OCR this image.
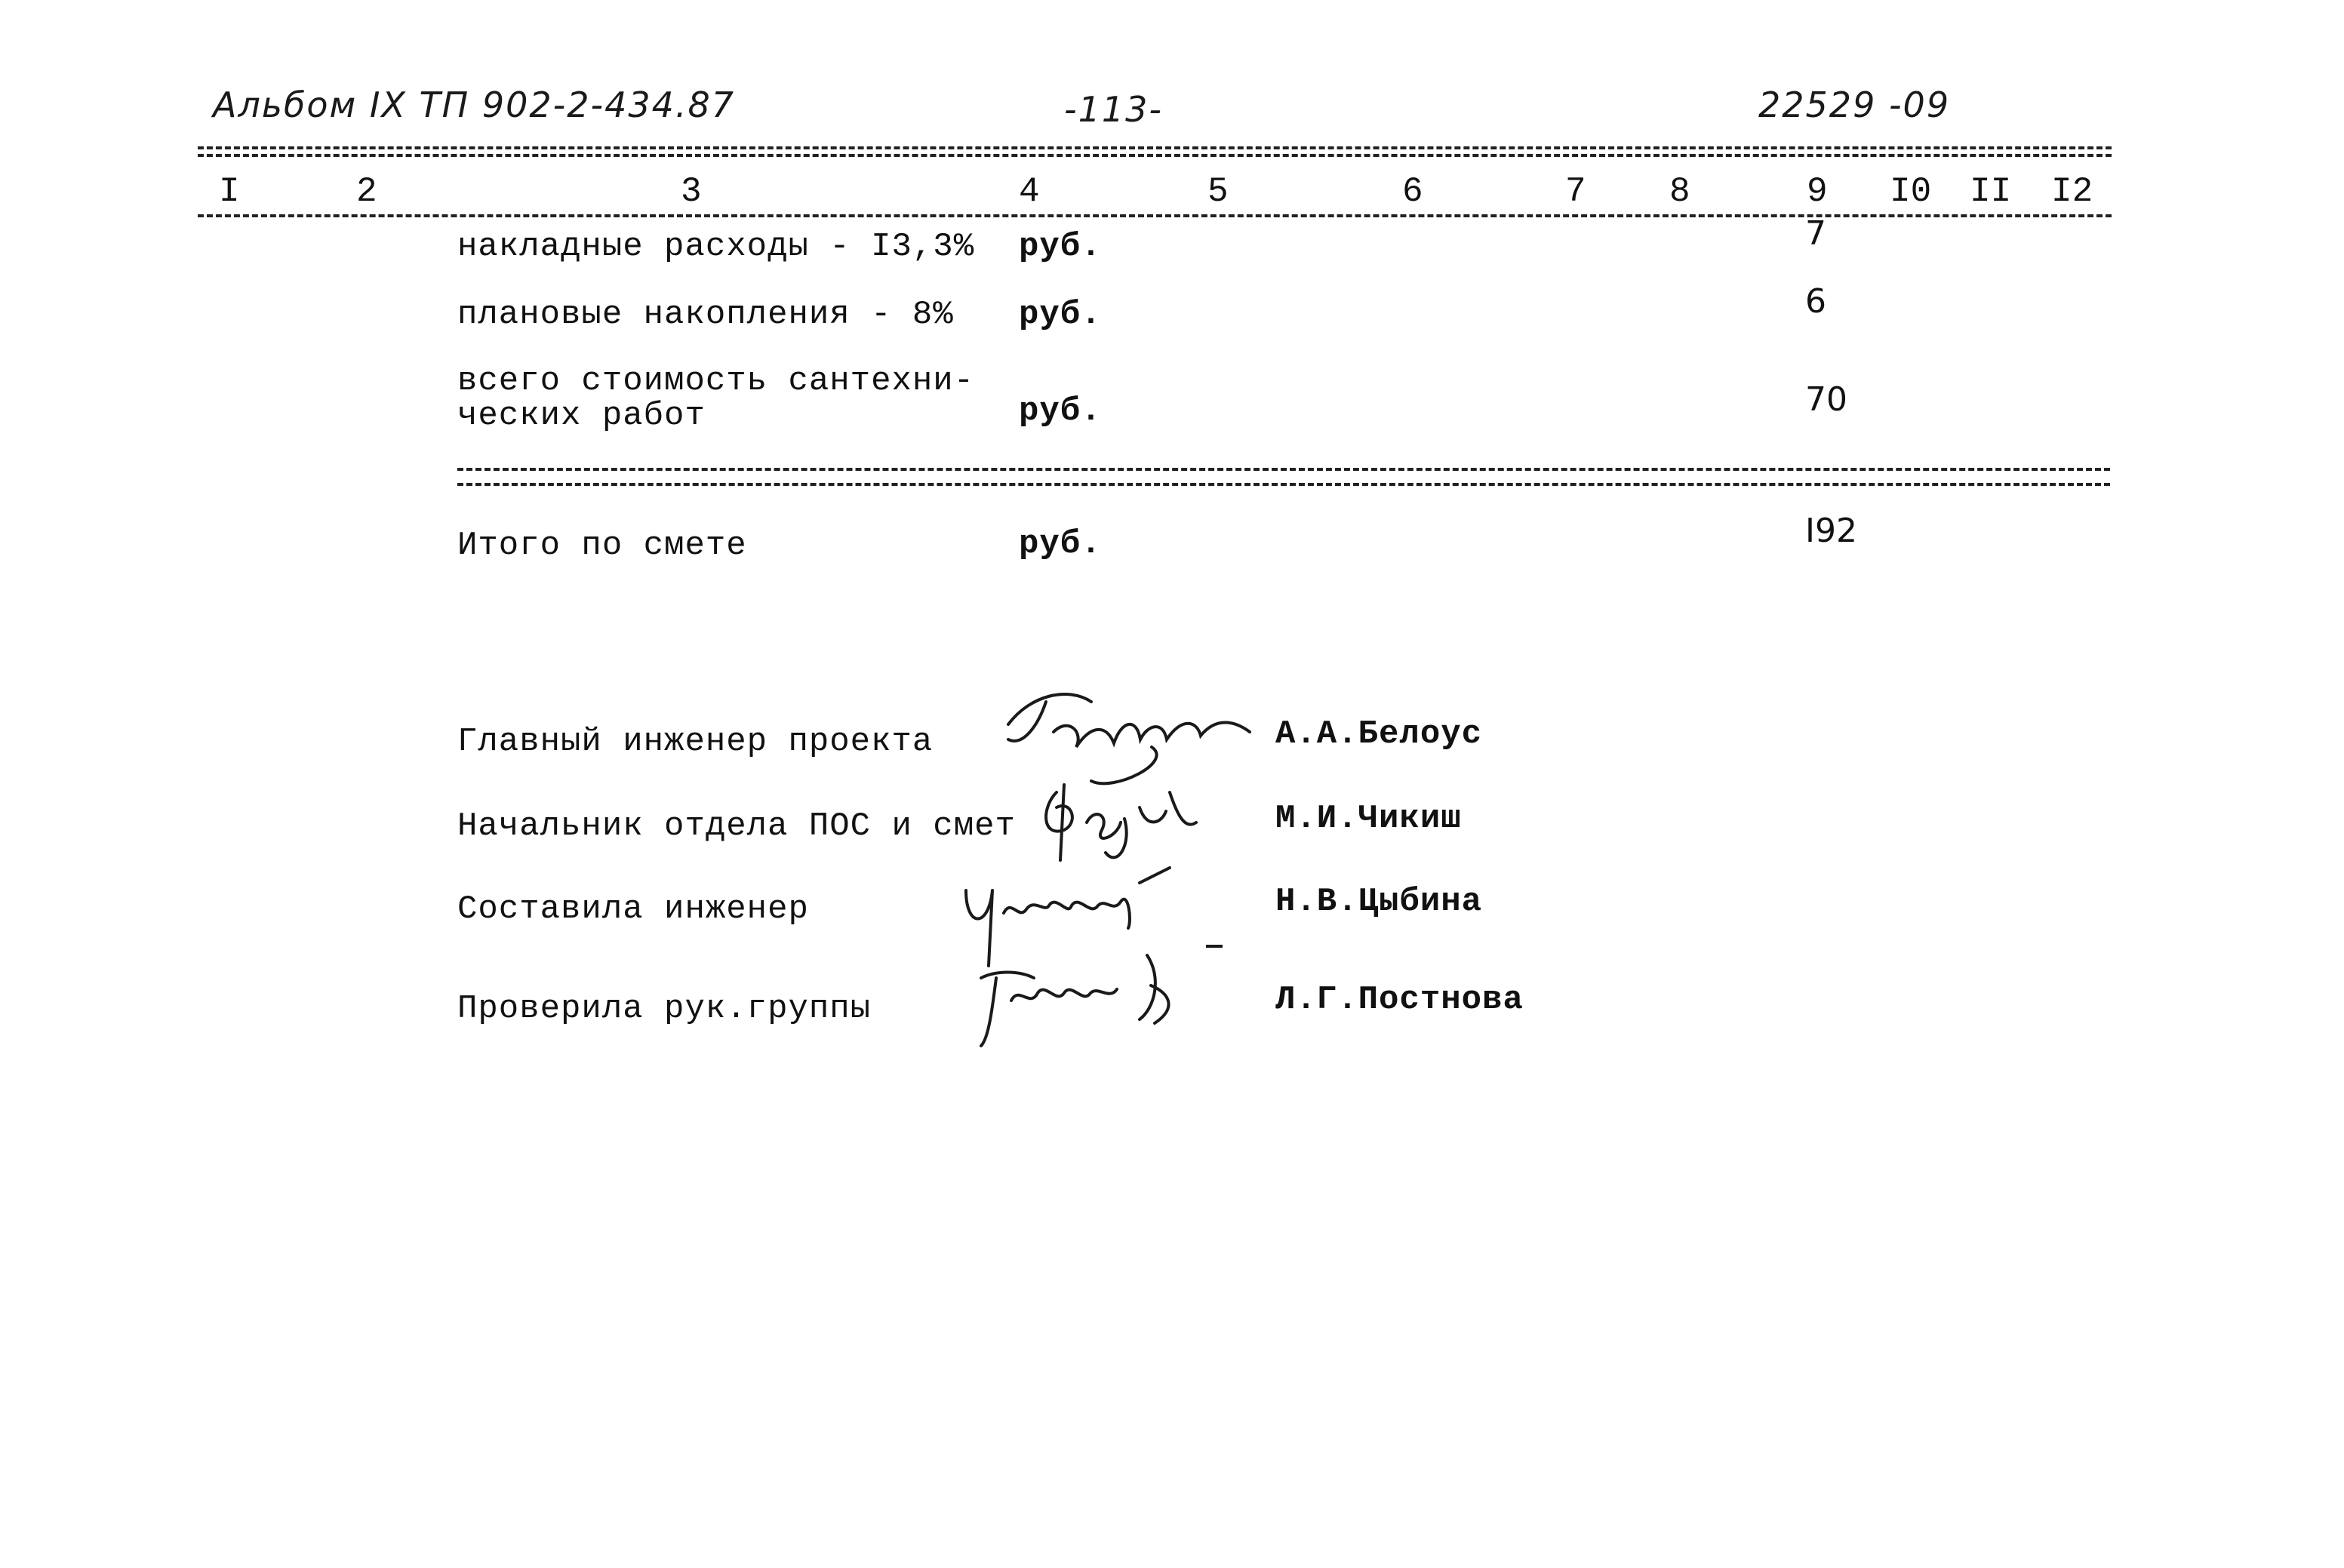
Альбом IX ТП 902-2-434.87	-113-	22529 -09
I	2	3	4	5	6	7 8	9 I0 II I2
накладные расходы - I3,3% руб.	7
плановые накопления - 8% руб.	6
всего стоимость сантехни-
ческих работ	руб.	70
Итого по смете	руб.	I92
Главный инженер проекта	А.А.Белоус
Начальник отдела ПОС и смет	М.И.Чикиш
Составила инженер	Н.В.Цыбина
Проверила рук.группы	Л.Г.Постнова
